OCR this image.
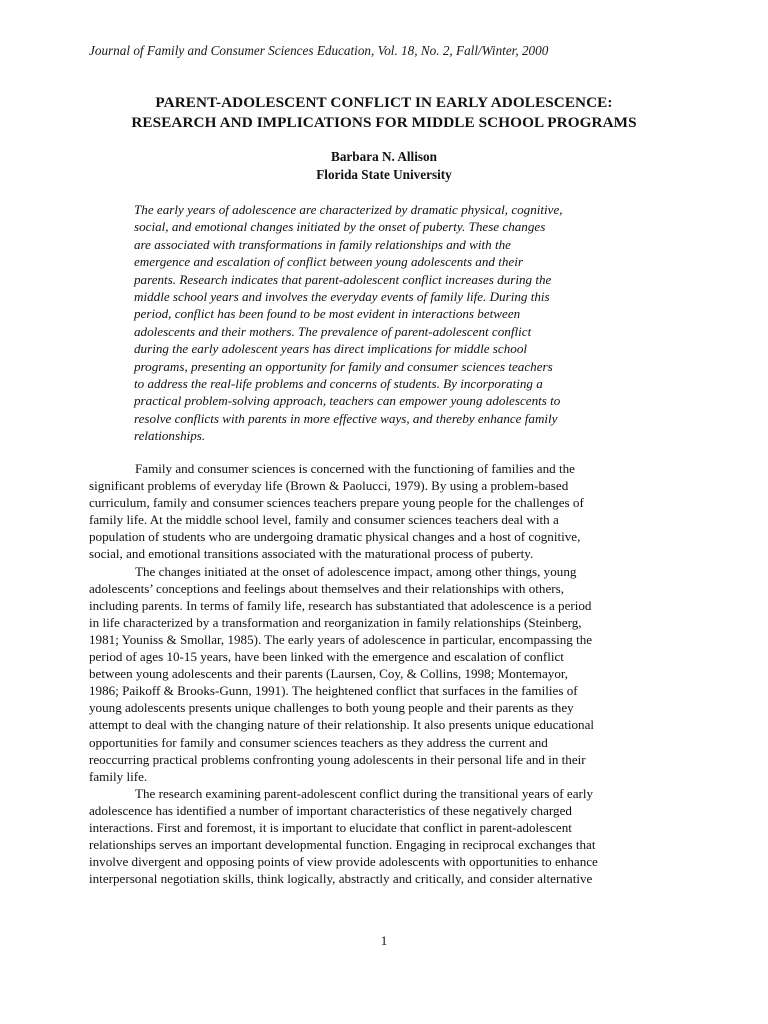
Journal of Family and Consumer Sciences Education, Vol. 18, No. 2, Fall/Winter, 2000
PARENT-ADOLESCENT CONFLICT IN EARLY ADOLESCENCE:
RESEARCH AND IMPLICATIONS FOR MIDDLE SCHOOL PROGRAMS
Barbara N. Allison
Florida State University
The early years of adolescence are characterized by dramatic physical, cognitive,
social, and emotional changes initiated by the onset of puberty. These changes
are associated with transformations in family relationships and with the
emergence and escalation of conflict between young adolescents and their
parents. Research indicates that parent-adolescent conflict increases during the
middle school years and involves the everyday events of family life. During this
period, conflict has been found to be most evident in interactions between
adolescents and their mothers. The prevalence of parent-adolescent conflict
during the early adolescent years has direct implications for middle school
programs, presenting an opportunity for family and consumer sciences teachers
to address the real-life problems and concerns of students. By incorporating a
practical problem-solving approach, teachers can empower young adolescents to
resolve conflicts with parents in more effective ways, and thereby enhance family
relationships.
Family and consumer sciences is concerned with the functioning of families and the
significant problems of everyday life (Brown & Paolucci, 1979). By using a problem-based
curriculum, family and consumer sciences teachers prepare young people for the challenges of
family life. At the middle school level, family and consumer sciences teachers deal with a
population of students who are undergoing dramatic physical changes and a host of cognitive,
social, and emotional transitions associated with the maturational process of puberty.
The changes initiated at the onset of adolescence impact, among other things, young
adolescents’ conceptions and feelings about themselves and their relationships with others,
including parents. In terms of family life, research has substantiated that adolescence is a period
in life characterized by a transformation and reorganization in family relationships (Steinberg,
1981; Youniss & Smollar, 1985). The early years of adolescence in particular, encompassing the
period of ages 10-15 years, have been linked with the emergence and escalation of conflict
between young adolescents and their parents (Laursen, Coy, & Collins, 1998; Montemayor,
1986; Paikoff & Brooks-Gunn, 1991). The heightened conflict that surfaces in the families of
young adolescents presents unique challenges to both young people and their parents as they
attempt to deal with the changing nature of their relationship. It also presents unique educational
opportunities for family and consumer sciences teachers as they address the current and
reoccurring practical problems confronting young adolescents in their personal life and in their
family life.
The research examining parent-adolescent conflict during the transitional years of early
adolescence has identified a number of important characteristics of these negatively charged
interactions. First and foremost, it is important to elucidate that conflict in parent-adolescent
relationships serves an important developmental function. Engaging in reciprocal exchanges that
involve divergent and opposing points of view provide adolescents with opportunities to enhance
interpersonal negotiation skills, think logically, abstractly and critically, and consider alternative
1
